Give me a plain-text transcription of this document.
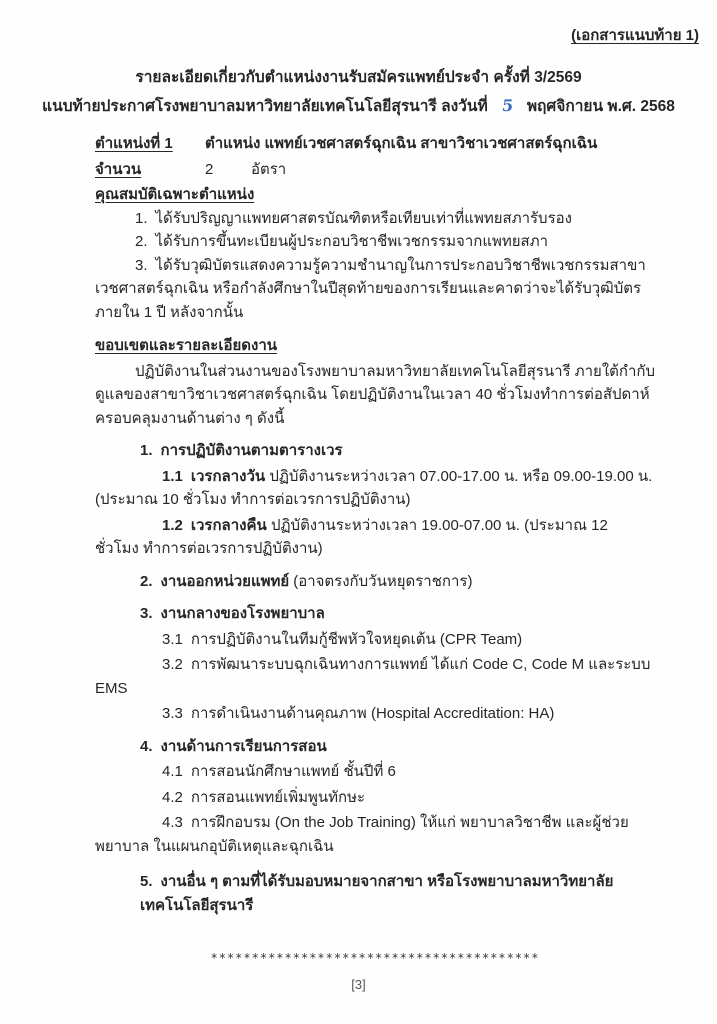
(เอกสารแนบท้าย 1)
รายละเอียดเกี่ยวกับตำแหน่งงานรับสมัครแพทย์ประจำ ครั้งที่ 3/2569
แนบท้ายประกาศโรงพยาบาลมหาวิทยาลัยเทคโนโลยีสุรนารี ลงวันที่ 5 พฤศจิกายน พ.ศ. 2568
ตำแหน่งที่ 1 ตำแหน่ง แพทย์เวชศาสตร์ฉุกเฉิน สาขาวิชาเวชศาสตร์ฉุกเฉิน
จำนวน	2	อัตรา
คุณสมบัติเฉพาะตำแหน่ง

1. ได้รับปริญญาแพทยศาสตรบัณฑิตหรือเทียบเท่าที่แพทยสภารับรอง

2. ได้รับการขึ้นทะเบียนผู้ประกอบวิชาชีพเวชกรรมจากแพทยสภา

3. ได้รับวุฒิบัตรแสดงความรู้ความชำนาญในการประกอบวิชาชีพเวชกรรมสาขาเวชศาสตร์ฉุกเฉิน หรือกำลังศึกษาในปีสุดท้ายของการเรียนและคาดว่าจะได้รับวุฒิบัตรภายใน 1 ปี หลังจากนั้น

ขอบเขตและรายละเอียดงาน

ปฏิบัติงานในส่วนงานของโรงพยาบาลมหาวิทยาลัยเทคโนโลยีสุรนารี ภายใต้กำกับดูแลของสาขาวิชาเวชศาสตร์ฉุกเฉิน โดยปฏิบัติงานในเวลา 40 ชั่วโมงทำการต่อสัปดาห์ ครอบคลุมงานด้านต่าง ๆ ดังนี้

1. การปฏิบัติงานตามตารางเวร

1.1 เวรกลางวัน ปฏิบัติงานระหว่างเวลา 07.00-17.00 น. หรือ 09.00-19.00 น. (ประมาณ 10 ชั่วโมง ทำการต่อเวรการปฏิบัติงาน)

1.2 เวรกลางคืน ปฏิบัติงานระหว่างเวลา 19.00-07.00 น. (ประมาณ 12 ชั่วโมง ทำการต่อเวรการปฏิบัติงาน)

2. งานออกหน่วยแพทย์ (อาจตรงกับวันหยุดราชการ)
3. งานกลางของโรงพยาบาล

3.1 การปฏิบัติงานในทีมกู้ชีพหัวใจหยุดเต้น (CPR Team)

3.2 การพัฒนาระบบฉุกเฉินทางการแพทย์ ได้แก่ Code C, Code M และระบบ EMS

3.3 การดำเนินงานด้านคุณภาพ (Hospital Accreditation: HA)

4. งานด้านการเรียนการสอน

4.1 การสอนนักศึกษาแพทย์ ชั้นปีที่ 6

4.2 การสอนแพทย์เพิ่มพูนทักษะ

4.3 การฝึกอบรม (On the Job Training) ให้แก่ พยาบาลวิชาชีพ และผู้ช่วยพยาบาล ในแผนกอุบัติเหตุและฉุกเฉิน

5. งานอื่น ๆ ตามที่ได้รับมอบหมายจากสาขา หรือโรงพยาบาลมหาวิทยาลัยเทคโนโลยีสุรนารี
****************************************
[3]
